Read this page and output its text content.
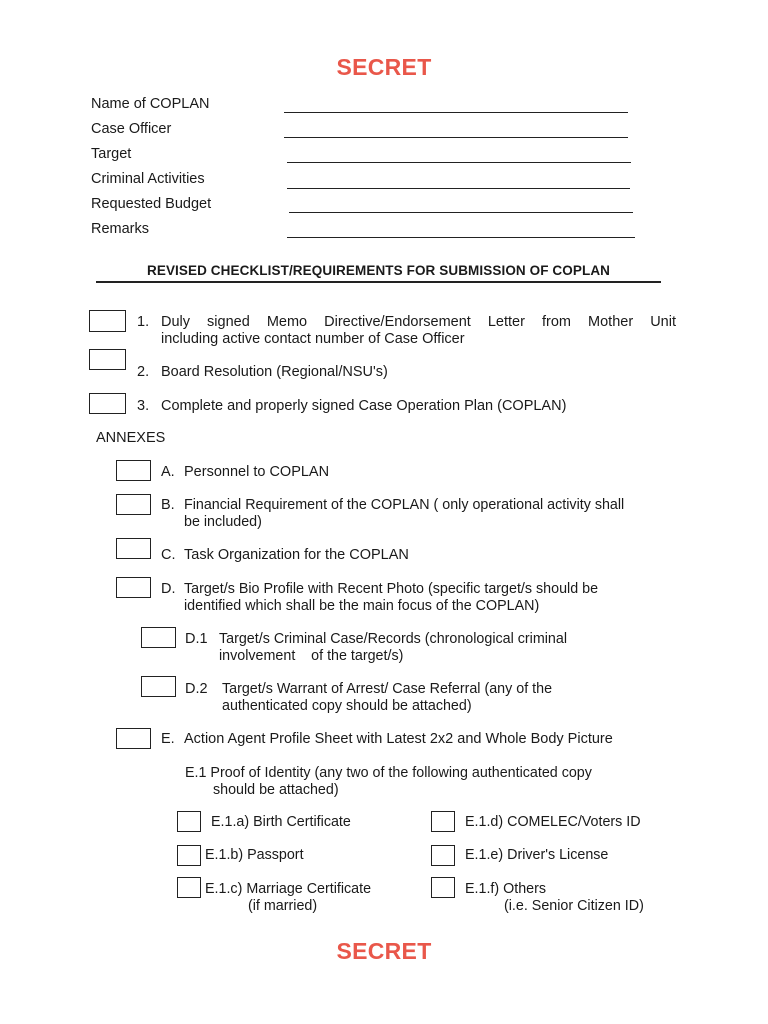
SECRET
Name of COPLAN
Case Officer
Target
Criminal Activities
Requested Budget
Remarks
REVISED CHECKLIST/REQUIREMENTS FOR SUBMISSION OF COPLAN
1. Duly signed Memo Directive/Endorsement Letter from Mother Unit
including active contact number of Case Officer
2. Board Resolution (Regional/NSU's)
3. Complete and properly signed Case Operation Plan (COPLAN)
ANNEXES
A. Personnel to COPLAN
B. Financial Requirement of the COPLAN ( only operational activity shall
be included)
C. Task Organization for the COPLAN
D. Target/s Bio Profile with Recent Photo (specific target/s should be
identified which shall be the main focus of the COPLAN)
D.1 Target/s Criminal Case/Records (chronological criminal
involvement    of the target/s)
D.2 Target/s Warrant of Arrest/ Case Referral (any of the
authenticated copy should be attached)
E. Action Agent Profile Sheet with Latest 2x2 and Whole Body Picture
E.1 Proof of Identity (any two of the following authenticated copy
should be attached)
E.1.a) Birth Certificate
E.1.b) Passport
E.1.c) Marriage Certificate
(if married)
E.1.d) COMELEC/Voters ID
E.1.e) Driver's License
E.1.f) Others
(i.e. Senior Citizen ID)
SECRET
